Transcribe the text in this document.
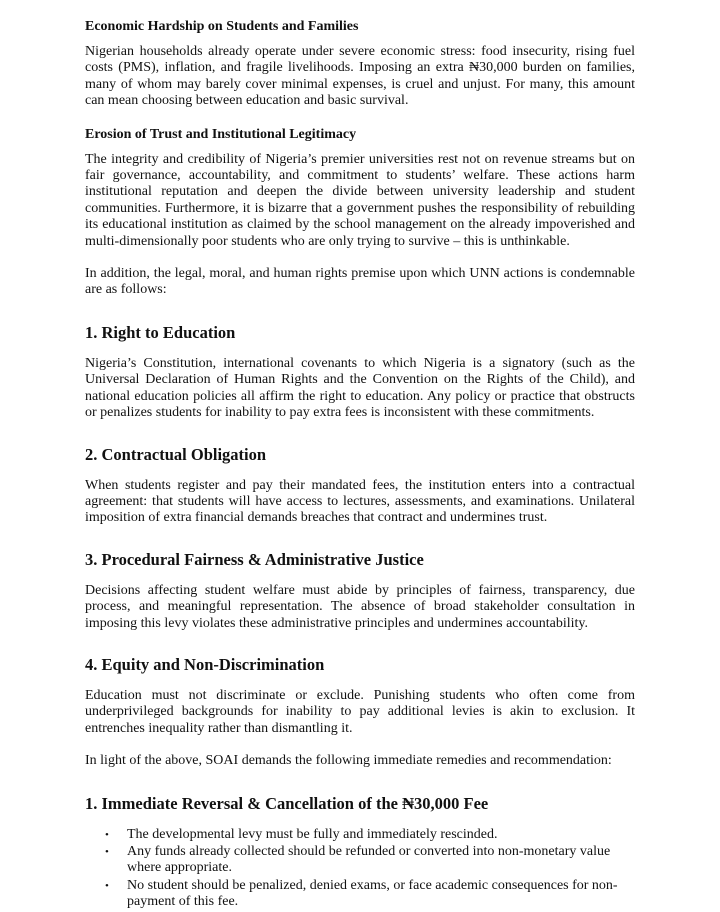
Economic Hardship on Students and Families

Nigerian households already operate under severe economic stress: food insecurity, rising fuel costs (PMS), inflation, and fragile livelihoods. Imposing an extra ₦30,000 burden on families, many of whom may barely cover minimal expenses, is cruel and unjust. For many, this amount can mean choosing between education and basic survival.

Erosion of Trust and Institutional Legitimacy

The integrity and credibility of Nigeria’s premier universities rest not on revenue streams but on fair governance, accountability, and commitment to students’ welfare. These actions harm institutional reputation and deepen the divide between university leadership and student communities. Furthermore, it is bizarre that a government pushes the responsibility of rebuilding its educational institution as claimed by the school management on the already impoverished and multi-dimensionally poor students who are only trying to survive – this is unthinkable.

In addition, the legal, moral, and human rights premise upon which UNN actions is condemnable are as follows:

1. Right to Education

Nigeria’s Constitution, international covenants to which Nigeria is a signatory (such as the Universal Declaration of Human Rights and the Convention on the Rights of the Child), and national education policies all affirm the right to education. Any policy or practice that obstructs or penalizes students for inability to pay extra fees is inconsistent with these commitments.

2. Contractual Obligation

When students register and pay their mandated fees, the institution enters into a contractual agreement: that students will have access to lectures, assessments, and examinations. Unilateral imposition of extra financial demands breaches that contract and undermines trust.

3. Procedural Fairness & Administrative Justice

Decisions affecting student welfare must abide by principles of fairness, transparency, due process, and meaningful representation. The absence of broad stakeholder consultation in imposing this levy violates these administrative principles and undermines accountability.

4. Equity and Non-Discrimination

Education must not discriminate or exclude. Punishing students who often come from underprivileged backgrounds for inability to pay additional levies is akin to exclusion. It entrenches inequality rather than dismantling it.

In light of the above, SOAI demands the following immediate remedies and recommendation:

1. Immediate Reversal & Cancellation of the ₦30,000 Fee
• The developmental levy must be fully and immediately rescinded.
• Any funds already collected should be refunded or converted into non-monetary value where appropriate.
• No student should be penalized, denied exams, or face academic consequences for non-payment of this fee.
